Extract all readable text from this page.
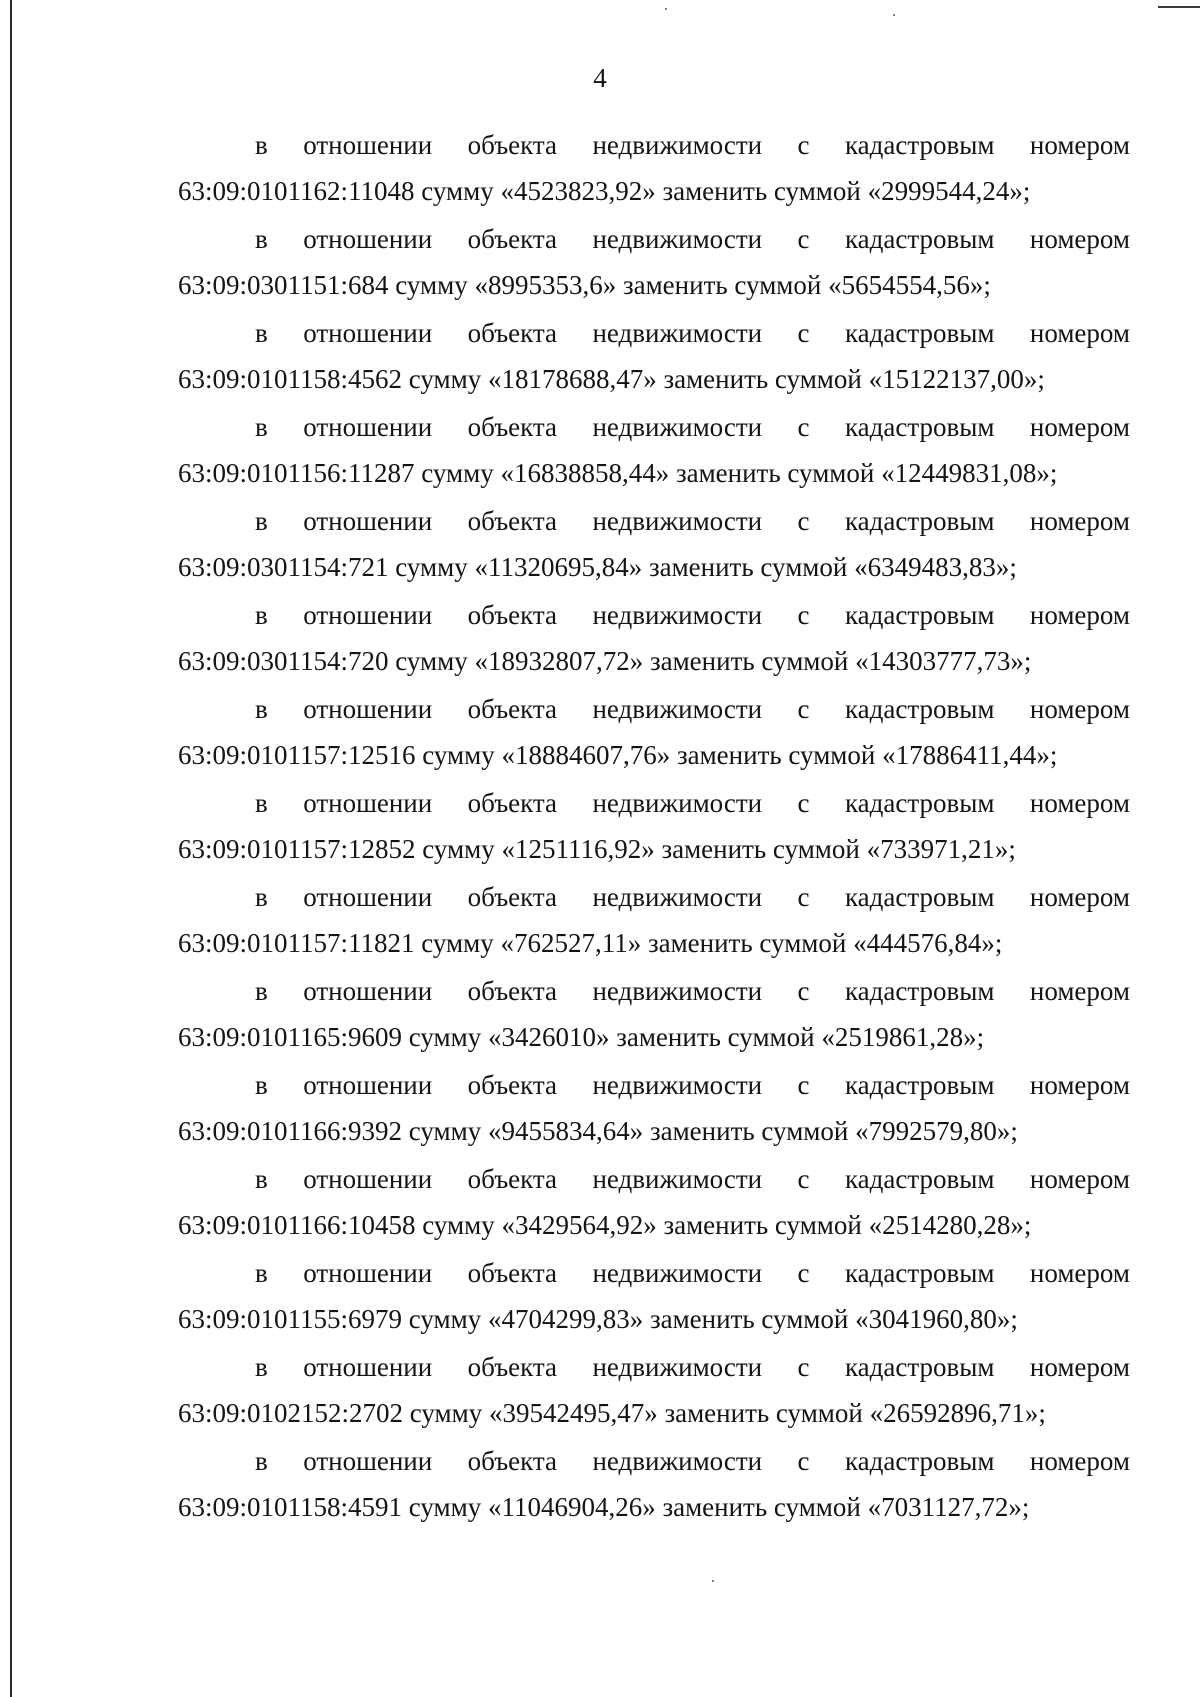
4
в отношении объекта недвижимости с кадастровым номером
63:09:0101162:11048 сумму «4523823,92» заменить суммой «2999544,24»;
в отношении объекта недвижимости с кадастровым номером
63:09:0301151:684 сумму «8995353,6» заменить суммой «5654554,56»;
в отношении объекта недвижимости с кадастровым номером
63:09:0101158:4562 сумму «18178688,47» заменить суммой «15122137,00»;
в отношении объекта недвижимости с кадастровым номером
63:09:0101156:11287 сумму «16838858,44» заменить суммой «12449831,08»;
в отношении объекта недвижимости с кадастровым номером
63:09:0301154:721 сумму «11320695,84» заменить суммой «6349483,83»;
в отношении объекта недвижимости с кадастровым номером
63:09:0301154:720 сумму «18932807,72» заменить суммой «14303777,73»;
в отношении объекта недвижимости с кадастровым номером
63:09:0101157:12516 сумму «18884607,76» заменить суммой «17886411,44»;
в отношении объекта недвижимости с кадастровым номером
63:09:0101157:12852 сумму «1251116,92» заменить суммой «733971,21»;
в отношении объекта недвижимости с кадастровым номером
63:09:0101157:11821 сумму «762527,11» заменить суммой «444576,84»;
в отношении объекта недвижимости с кадастровым номером
63:09:0101165:9609 сумму «3426010» заменить суммой «2519861,28»;
в отношении объекта недвижимости с кадастровым номером
63:09:0101166:9392 сумму «9455834,64» заменить суммой «7992579,80»;
в отношении объекта недвижимости с кадастровым номером
63:09:0101166:10458 сумму «3429564,92» заменить суммой «2514280,28»;
в отношении объекта недвижимости с кадастровым номером
63:09:0101155:6979 сумму «4704299,83» заменить суммой «3041960,80»;
в отношении объекта недвижимости с кадастровым номером
63:09:0102152:2702 сумму «39542495,47» заменить суммой «26592896,71»;
в отношении объекта недвижимости с кадастровым номером
63:09:0101158:4591 сумму «11046904,26» заменить суммой «7031127,72»;
